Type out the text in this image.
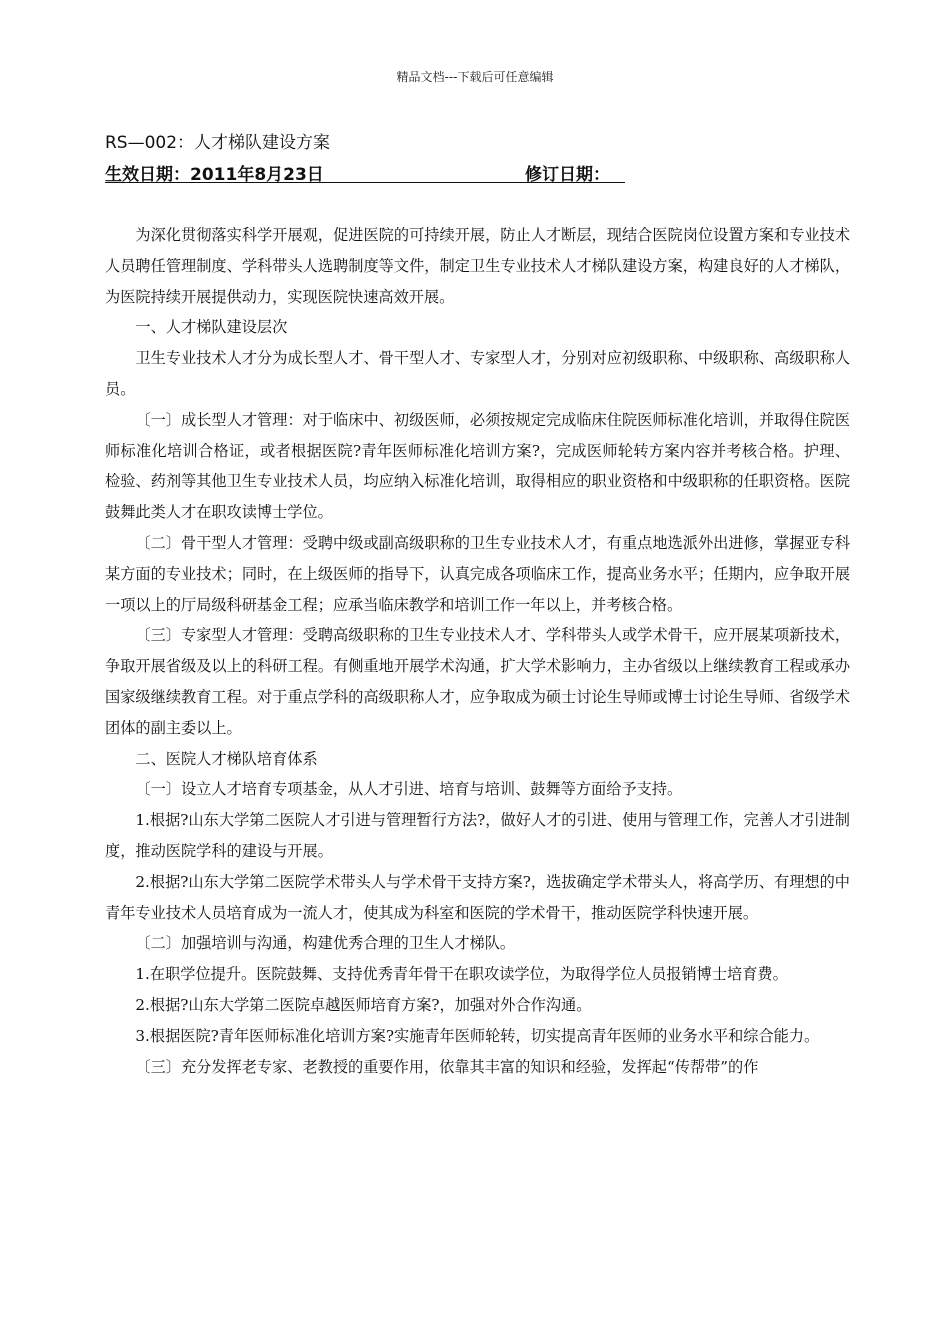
精品文档---下载后可任意编辑
RS—002：人才梯队建设方案
生效日期：2011年8月23日	修订日期：

为深化贯彻落实科学开展观，促进医院的可持续开展，防止人才断层，现结合医院岗位设置方案和专业技术人员聘任管理制度、学科带头人选聘制度等文件，制定卫生专业技术人才梯队建设方案，构建良好的人才梯队，为医院持续开展提供动力，实现医院快速高效开展。

一、人才梯队建设层次

卫生专业技术人才分为成长型人才、骨干型人才、专家型人才，分别对应初级职称、中级职称、高级职称人员。

〔一〕成长型人才管理：对于临床中、初级医师，必须按规定完成临床住院医师标准化培训，并取得住院医师标准化培训合格证，或者根据医院?青年医师标准化培训方案?，完成医师轮转方案内容并考核合格。护理、检验、药剂等其他卫生专业技术人员，均应纳入标准化培训，取得相应的职业资格和中级职称的任职资格。医院鼓舞此类人才在职攻读博士学位。

〔二〕骨干型人才管理：受聘中级或副高级职称的卫生专业技术人才，有重点地选派外出进修，掌握亚专科某方面的专业技术；同时，在上级医师的指导下，认真完成各项临床工作，提高业务水平；任期内，应争取开展一项以上的厅局级科研基金工程；应承当临床教学和培训工作一年以上，并考核合格。

〔三〕专家型人才管理：受聘高级职称的卫生专业技术人才、学科带头人或学术骨干，应开展某项新技术，争取开展省级及以上的科研工程。有侧重地开展学术沟通，扩大学术影响力，主办省级以上继续教育工程或承办国家级继续教育工程。对于重点学科的高级职称人才，应争取成为硕士讨论生导师或博士讨论生导师、省级学术团体的副主委以上。

二、医院人才梯队培育体系

〔一〕设立人才培育专项基金，从人才引进、培育与培训、鼓舞等方面给予支持。

1.根据?山东大学第二医院人才引进与管理暂行方法?，做好人才的引进、使用与管理工作，完善人才引进制度，推动医院学科的建设与开展。

2.根据?山东大学第二医院学术带头人与学术骨干支持方案?，选拔确定学术带头人，将高学历、有理想的中青年专业技术人员培育成为一流人才，使其成为科室和医院的学术骨干，推动医院学科快速开展。

〔二〕加强培训与沟通，构建优秀合理的卫生人才梯队。

1.在职学位提升。医院鼓舞、支持优秀青年骨干在职攻读学位，为取得学位人员报销博士培育费。

2.根据?山东大学第二医院卓越医师培育方案?，加强对外合作沟通。

3.根据医院?青年医师标准化培训方案?实施青年医师轮转，切实提高青年医师的业务水平和综合能力。

〔三〕充分发挥老专家、老教授的重要作用，依靠其丰富的知识和经验，发挥起“传帮带”的作
